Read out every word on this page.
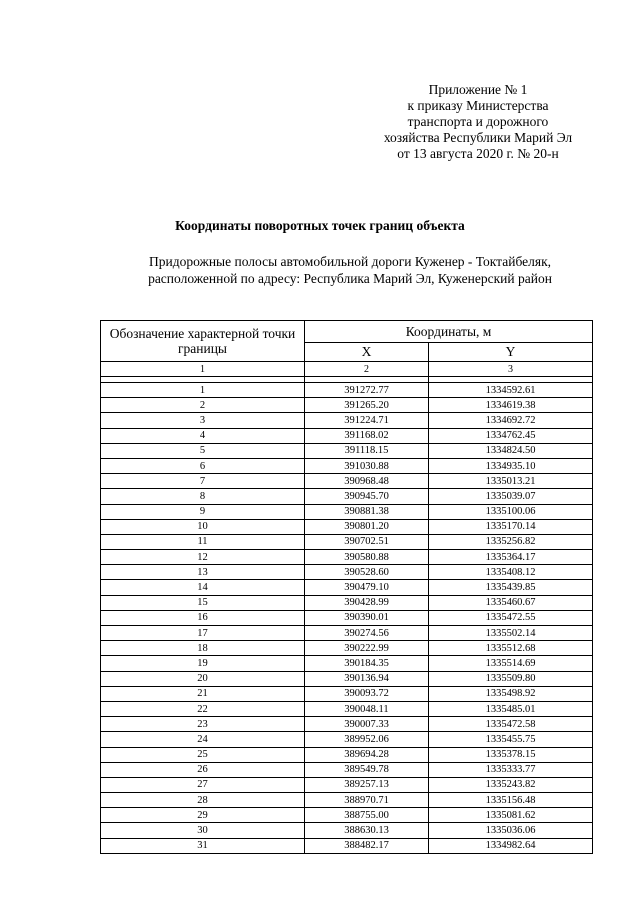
Приложение № 1
к приказу Министерства
транспорта и дорожного
хозяйства Республики Марий Эл
от 13 августа 2020 г. № 20-н
Координаты поворотных точек границ объекта
Придорожные полосы автомобильной дороги Куженер - Токтайбеляк,
расположенной по адресу: Республика Марий Эл, Куженерский район
Обозначение характерной точки границы	Координаты, м	
	X	Y
1	2	3

1	391272.77	1334592.61
2	391265.20	1334619.38
3	391224.71	1334692.72
4	391168.02	1334762.45
5	391118.15	1334824.50
6	391030.88	1334935.10
7	390968.48	1335013.21
8	390945.70	1335039.07
9	390881.38	1335100.06
10	390801.20	1335170.14
11	390702.51	1335256.82
12	390580.88	1335364.17
13	390528.60	1335408.12
14	390479.10	1335439.85
15	390428.99	1335460.67
16	390390.01	1335472.55
17	390274.56	1335502.14
18	390222.99	1335512.68
19	390184.35	1335514.69
20	390136.94	1335509.80
21	390093.72	1335498.92
22	390048.11	1335485.01
23	390007.33	1335472.58
24	389952.06	1335455.75
25	389694.28	1335378.15
26	389549.78	1335333.77
27	389257.13	1335243.82
28	388970.71	1335156.48
29	388755.00	1335081.62
30	388630.13	1335036.06
31	388482.17	1334982.64
